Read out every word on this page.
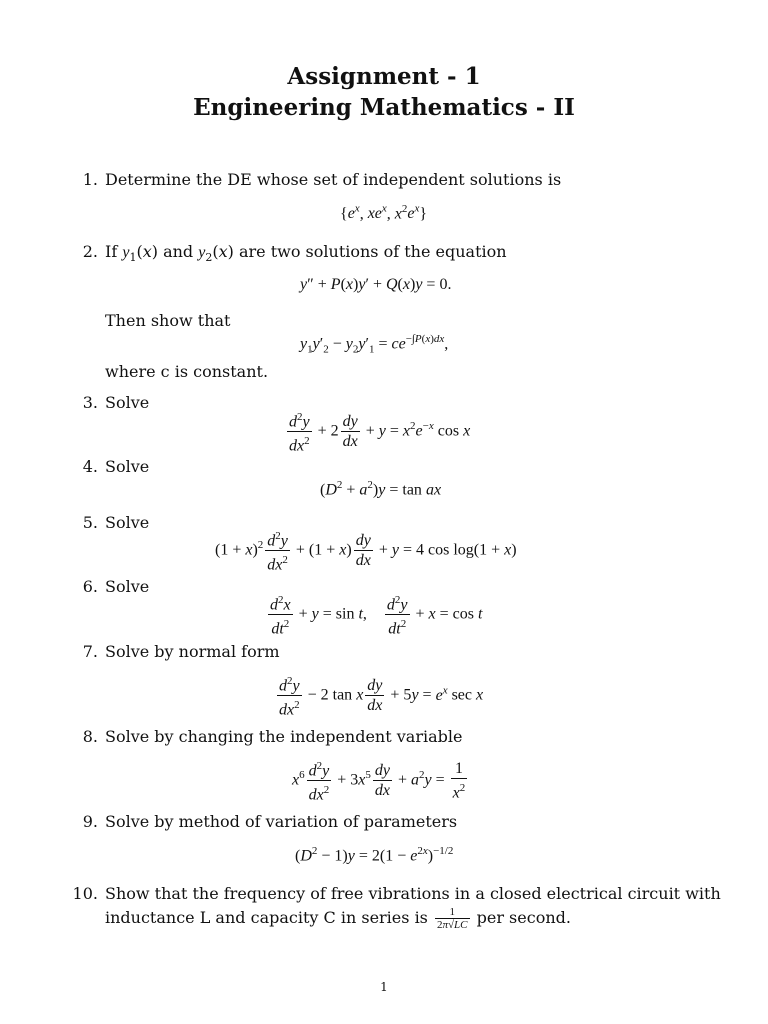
Assignment - 1
Engineering Mathematics - II
1. Determine the DE whose set of independent solutions is
{$e^x$, $xe^x$, $x^2e^x$}
2. If $y_1(x)$ and $y_2(x)$ are two solutions of the equation
y″ + P(x)y′ + Q(x)y = 0.
Then show that
$y_1y'_2 - y_2y'_1 = ce^{-\int P(x)dx}$,
where c is constant.
3. Solve
$\frac{d^2y}{dx^2} + 2 \frac{dy}{dx} + y = x^2e^{-x}$ cos x
4. Solve
$(D^2 + a^2)y = \tan$ ax
5. Solve
$(1 + x)^2 \frac{d^2y}{dx^2} + (1 + x) \frac{dy}{dx} + y = 4$ cos log(1 + x)
6. Solve
$\frac{d^2x}{dt^2} + y = \sin t$, $\frac{d^2y}{dt^2} + x = \cos t$
7. Solve by normal form
$\frac{d^2y}{dx^2} - 2$ tan x $\frac{dy}{dx} + 5y = e^x$ sec x
8. Solve by changing the independent variable
$x^6 \frac{d^2y}{dx^2} + 3x^5 \frac{dy}{dx} + a^2y = \frac{1}{x^2}$
9. Solve by method of variation of parameters
$(D^2 - 1)y = 2(1 - e^{2x})^{-1/2}$
10. Show that the frequency of free vibrations in a closed electrical circuit with
inductance L and capacity C in series is $\frac{1}{2\pi√LC}$ per second.
1
